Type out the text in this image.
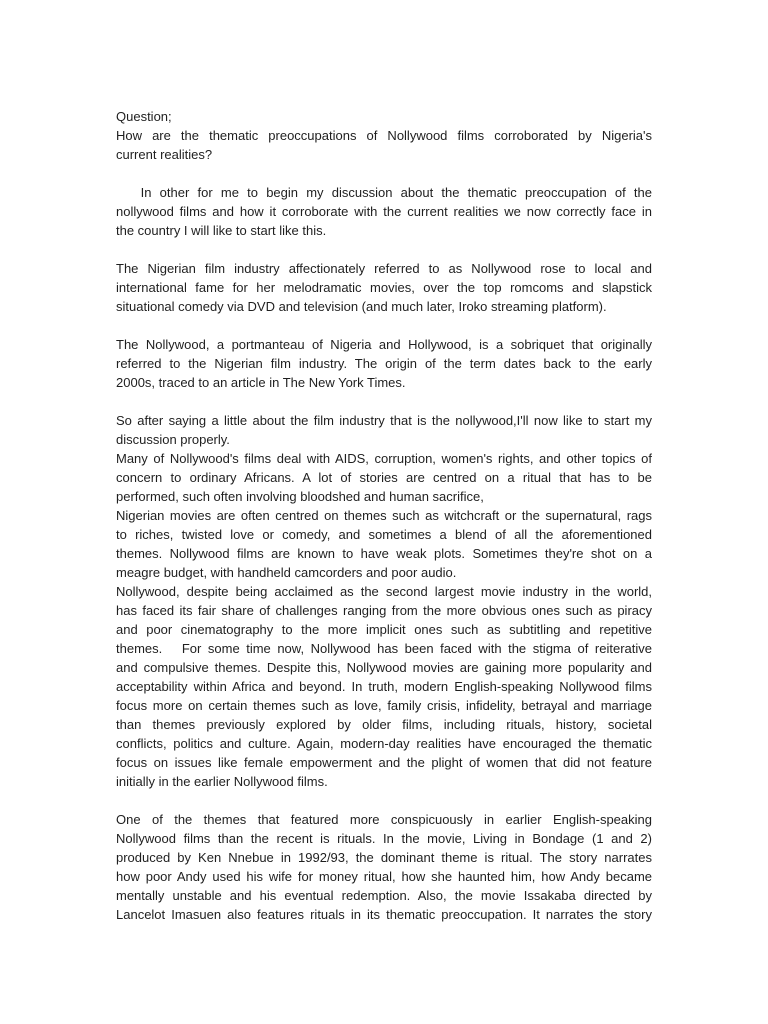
Question;
How are the thematic preoccupations of Nollywood films corroborated by Nigeria's
current realities?
In other for me to begin my discussion about the thematic preoccupation of the
nollywood films and how it corroborate with the current realities we now correctly face in
the country I will like to start like this.
The Nigerian film industry affectionately referred to as Nollywood rose to local and
international fame for her melodramatic movies, over the top romcoms and slapstick
situational comedy via DVD and television (and much later, Iroko streaming platform).
The Nollywood, a portmanteau of Nigeria and Hollywood, is a sobriquet that originally
referred to the Nigerian film industry. The origin of the term dates back to the early
2000s, traced to an article in The New York Times.
So after saying a little about the film industry that is the nollywood,I'll now like to start my
discussion properly.
Many of Nollywood's films deal with AIDS, corruption, women's rights, and other topics of
concern to ordinary Africans. A lot of stories are centred on a ritual that has to be
performed, such often involving bloodshed and human sacrifice,
Nigerian movies are often centred on themes such as witchcraft or the supernatural, rags
to riches, twisted love or comedy, and sometimes a blend of all the aforementioned
themes. Nollywood films are known to have weak plots. Sometimes they're shot on a
meagre budget, with handheld camcorders and poor audio.
Nollywood, despite being acclaimed as the second largest movie industry in the world,
has faced its fair share of challenges ranging from the more obvious ones such as piracy
and poor cinematography to the more implicit ones such as subtitling and repetitive
themes.   For some time now, Nollywood has been faced with the stigma of reiterative
and compulsive themes. Despite this, Nollywood movies are gaining more popularity and
acceptability within Africa and beyond. In truth, modern English-speaking Nollywood films
focus more on certain themes such as love, family crisis, infidelity, betrayal and marriage
than themes previously explored by older films, including rituals, history, societal
conflicts, politics and culture. Again, modern-day realities have encouraged the thematic
focus on issues like female empowerment and the plight of women that did not feature
initially in the earlier Nollywood films.
One of the themes that featured more conspicuously in earlier English-speaking
Nollywood films than the recent is rituals. In the movie, Living in Bondage (1 and 2)
produced by Ken Nnebue in 1992/93, the dominant theme is ritual. The story narrates
how poor Andy used his wife for money ritual, how she haunted him, how Andy became
mentally unstable and his eventual redemption. Also, the movie Issakaba directed by
Lancelot Imasuen also features rituals in its thematic preoccupation. It narrates the story
